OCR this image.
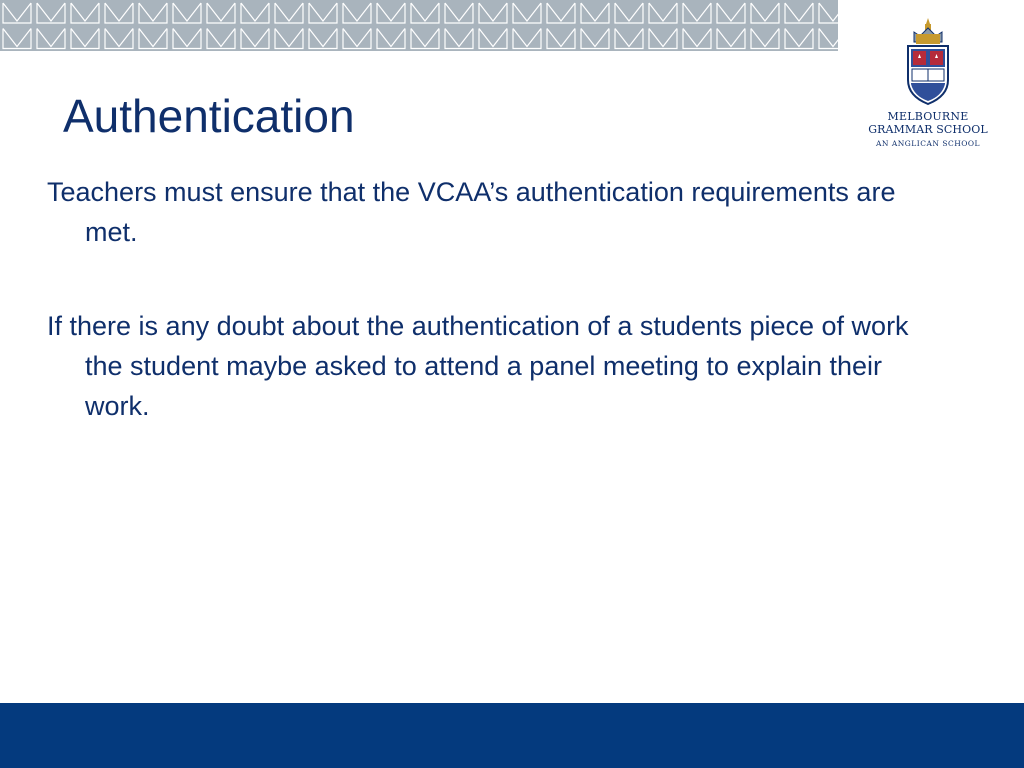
MELBOURNE
GRAMMAR SCHOOL
AN ANGLICAN SCHOOL
Authentication

Teachers must ensure that the VCAA’s authentication requirements are met.

If there is any doubt about the authentication of a students piece of work the student maybe asked to attend a panel meeting to explain their work.
